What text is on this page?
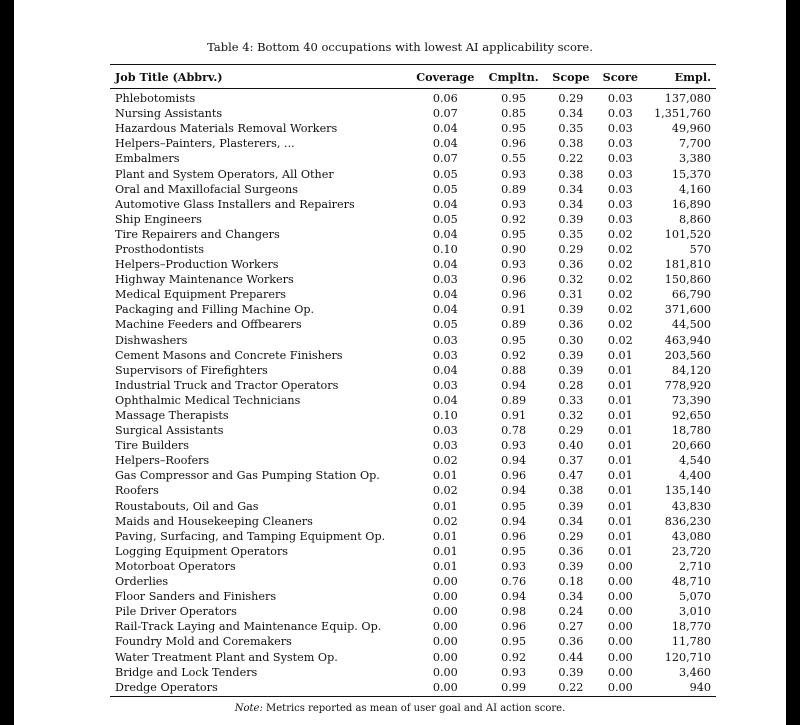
Table 4: Bottom 40 occupations with lowest AI applicability score.
Job Title (Abbrv.)	Coverage	Cmpltn.	Scope	Score	Empl.
Phlebotomists	0.06	0.95	0.29	0.03	137,080
Nursing Assistants	0.07	0.85	0.34	0.03	1,351,760
Hazardous Materials Removal Workers	0.04	0.95	0.35	0.03	49,960
Helpers–Painters, Plasterers, ...	0.04	0.96	0.38	0.03	7,700
Embalmers	0.07	0.55	0.22	0.03	3,380
Plant and System Operators, All Other	0.05	0.93	0.38	0.03	15,370
Oral and Maxillofacial Surgeons	0.05	0.89	0.34	0.03	4,160
Automotive Glass Installers and Repairers	0.04	0.93	0.34	0.03	16,890
Ship Engineers	0.05	0.92	0.39	0.03	8,860
Tire Repairers and Changers	0.04	0.95	0.35	0.02	101,520
Prosthodontists	0.10	0.90	0.29	0.02	570
Helpers–Production Workers	0.04	0.93	0.36	0.02	181,810
Highway Maintenance Workers	0.03	0.96	0.32	0.02	150,860
Medical Equipment Preparers	0.04	0.96	0.31	0.02	66,790
Packaging and Filling Machine Op.	0.04	0.91	0.39	0.02	371,600
Machine Feeders and Offbearers	0.05	0.89	0.36	0.02	44,500
Dishwashers	0.03	0.95	0.30	0.02	463,940
Cement Masons and Concrete Finishers	0.03	0.92	0.39	0.01	203,560
Supervisors of Firefighters	0.04	0.88	0.39	0.01	84,120
Industrial Truck and Tractor Operators	0.03	0.94	0.28	0.01	778,920
Ophthalmic Medical Technicians	0.04	0.89	0.33	0.01	73,390
Massage Therapists	0.10	0.91	0.32	0.01	92,650
Surgical Assistants	0.03	0.78	0.29	0.01	18,780
Tire Builders	0.03	0.93	0.40	0.01	20,660
Helpers–Roofers	0.02	0.94	0.37	0.01	4,540
Gas Compressor and Gas Pumping Station Op.	0.01	0.96	0.47	0.01	4,400
Roofers	0.02	0.94	0.38	0.01	135,140
Roustabouts, Oil and Gas	0.01	0.95	0.39	0.01	43,830
Maids and Housekeeping Cleaners	0.02	0.94	0.34	0.01	836,230
Paving, Surfacing, and Tamping Equipment Op.	0.01	0.96	0.29	0.01	43,080
Logging Equipment Operators	0.01	0.95	0.36	0.01	23,720
Motorboat Operators	0.01	0.93	0.39	0.00	2,710
Orderlies	0.00	0.76	0.18	0.00	48,710
Floor Sanders and Finishers	0.00	0.94	0.34	0.00	5,070
Pile Driver Operators	0.00	0.98	0.24	0.00	3,010
Rail-Track Laying and Maintenance Equip. Op.	0.00	0.96	0.27	0.00	18,770
Foundry Mold and Coremakers	0.00	0.95	0.36	0.00	11,780
Water Treatment Plant and System Op.	0.00	0.92	0.44	0.00	120,710
Bridge and Lock Tenders	0.00	0.93	0.39	0.00	3,460
Dredge Operators	0.00	0.99	0.22	0.00	940
Note: Metrics reported as mean of user goal and AI action score.
